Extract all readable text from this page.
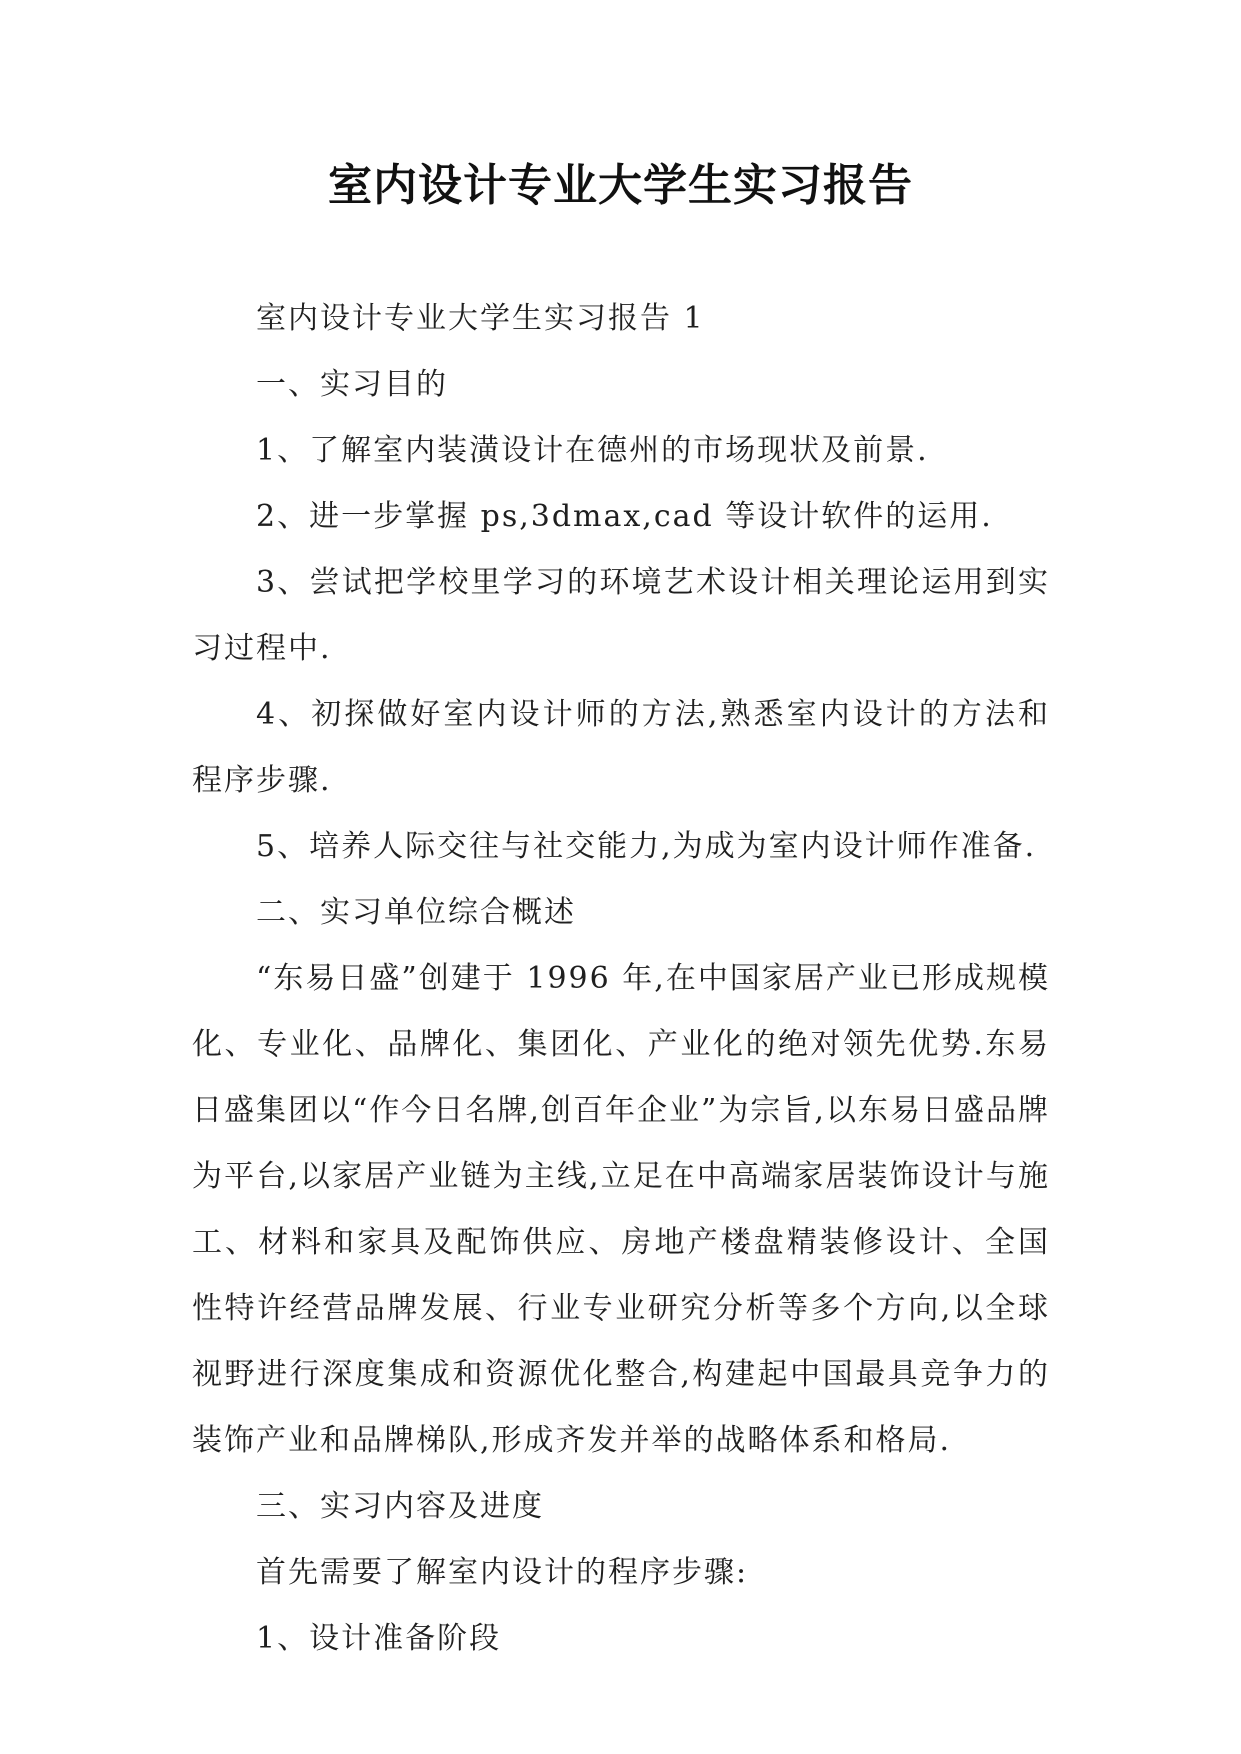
室内设计专业大学生实习报告

室内设计专业大学生实习报告 1

一、实习目的

1、了解室内装潢设计在德州的市场现状及前景.

2、进一步掌握 ps,3dmax,cad 等设计软件的运用.

3、尝试把学校里学习的环境艺术设计相关理论运用到实习过程中.

4、初探做好室内设计师的方法,熟悉室内设计的方法和程序步骤.

5、培养人际交往与社交能力,为成为室内设计师作准备.

二、实习单位综合概述

“东易日盛”创建于 1996 年,在中国家居产业已形成规模化、专业化、品牌化、集团化、产业化的绝对领先优势.东易日盛集团以“作今日名牌,创百年企业”为宗旨,以东易日盛品牌为平台,以家居产业链为主线,立足在中高端家居装饰设计与施工、材料和家具及配饰供应、房地产楼盘精装修设计、全国性特许经营品牌发展、行业专业研究分析等多个方向,以全球视野进行深度集成和资源优化整合,构建起中国最具竞争力的装饰产业和品牌梯队,形成齐发并举的战略体系和格局.

三、实习内容及进度

首先需要了解室内设计的程序步骤:

1、设计准备阶段
